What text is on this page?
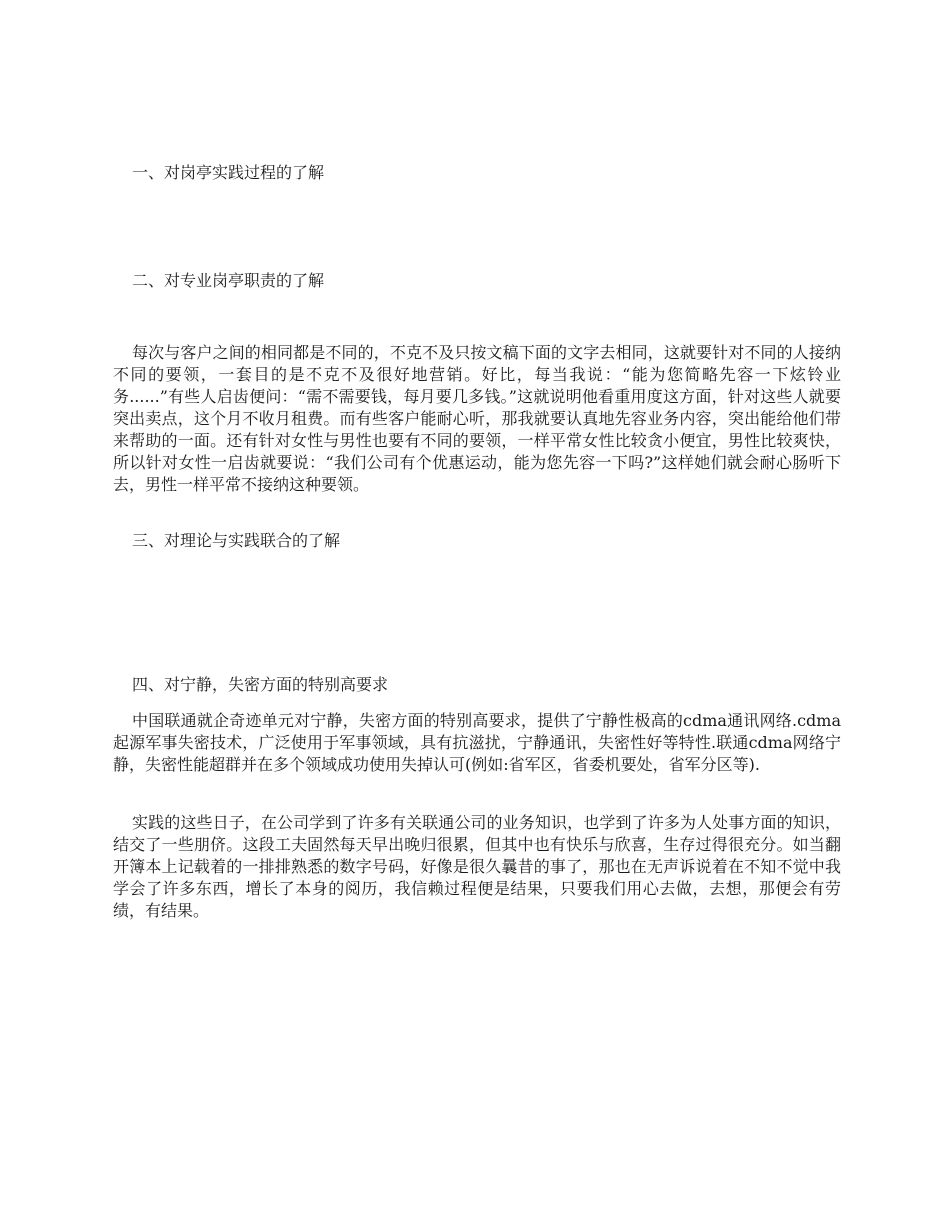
一、对岗亭实践过程的了解
二、对专业岗亭职责的了解
每次与客户之间的相同都是不同的，不克不及只按文稿下面的文字去相同，这就要针对不同的人接纳不同的要领，一套目的是不克不及很好地营销。好比，每当我说：“能为您简略先容一下炫铃业务......”有些人启齿便问：“需不需要钱，每月要几多钱。”这就说明他看重用度这方面，针对这些人就要突出卖点，这个月不收月租费。而有些客户能耐心听，那我就要认真地先容业务内容，突出能给他们带来帮助的一面。还有针对女性与男性也要有不同的要领，一样平常女性比较贪小便宜，男性比较爽快，所以针对女性一启齿就要说：“我们公司有个优惠运动，能为您先容一下吗?”这样她们就会耐心肠听下去，男性一样平常不接纳这种要领。
三、对理论与实践联合的了解
四、对宁静，失密方面的特别高要求
中国联通就企奇迹单元对宁静，失密方面的特别高要求，提供了宁静性极高的cdma通讯网络.cdma起源军事失密技术，广泛使用于军事领域，具有抗滋扰，宁静通讯，失密性好等特性.联通cdma网络宁静，失密性能超群并在多个领域成功使用失掉认可(例如:省军区，省委机要处，省军分区等).
实践的这些日子，在公司学到了许多有关联通公司的业务知识，也学到了许多为人处事方面的知识，结交了一些朋侪。这段工夫固然每天早出晚归很累，但其中也有快乐与欣喜，生存过得很充分。如当翻开簿本上记载着的一排排熟悉的数字号码，好像是很久曩昔的事了，那也在无声诉说着在不知不觉中我学会了许多东西，增长了本身的阅历，我信赖过程便是结果，只要我们用心去做，去想，那便会有劳绩，有结果。
